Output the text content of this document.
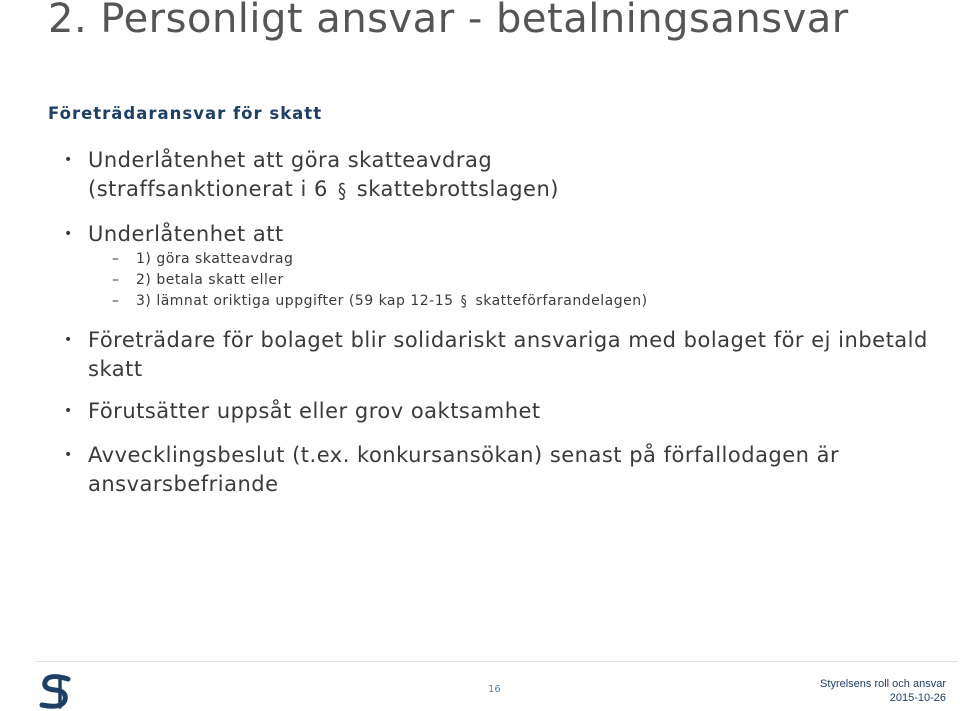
2. Personligt ansvar - betalningsansvar
Företrädaransvar för skatt
• Underlåtenhet att göra skatteavdrag
(straffsanktionerat i 6 § skattebrottslagen)
• Underlåtenhet att
– 1) göra skatteavdrag
– 2) betala skatt eller
– 3) lämnat oriktiga uppgifter (59 kap 12-15 § skatteförfarandelagen)
• Företrädare för bolaget blir solidariskt ansvariga med bolaget för ej inbetald skatt
• Förutsätter uppsåt eller grov oaktsamhet
• Avvecklingsbeslut (t.ex. konkursansökan) senast på förfallodagen är ansvarsbefriande
16	Styrelsens roll och ansvar
2015-10-26
